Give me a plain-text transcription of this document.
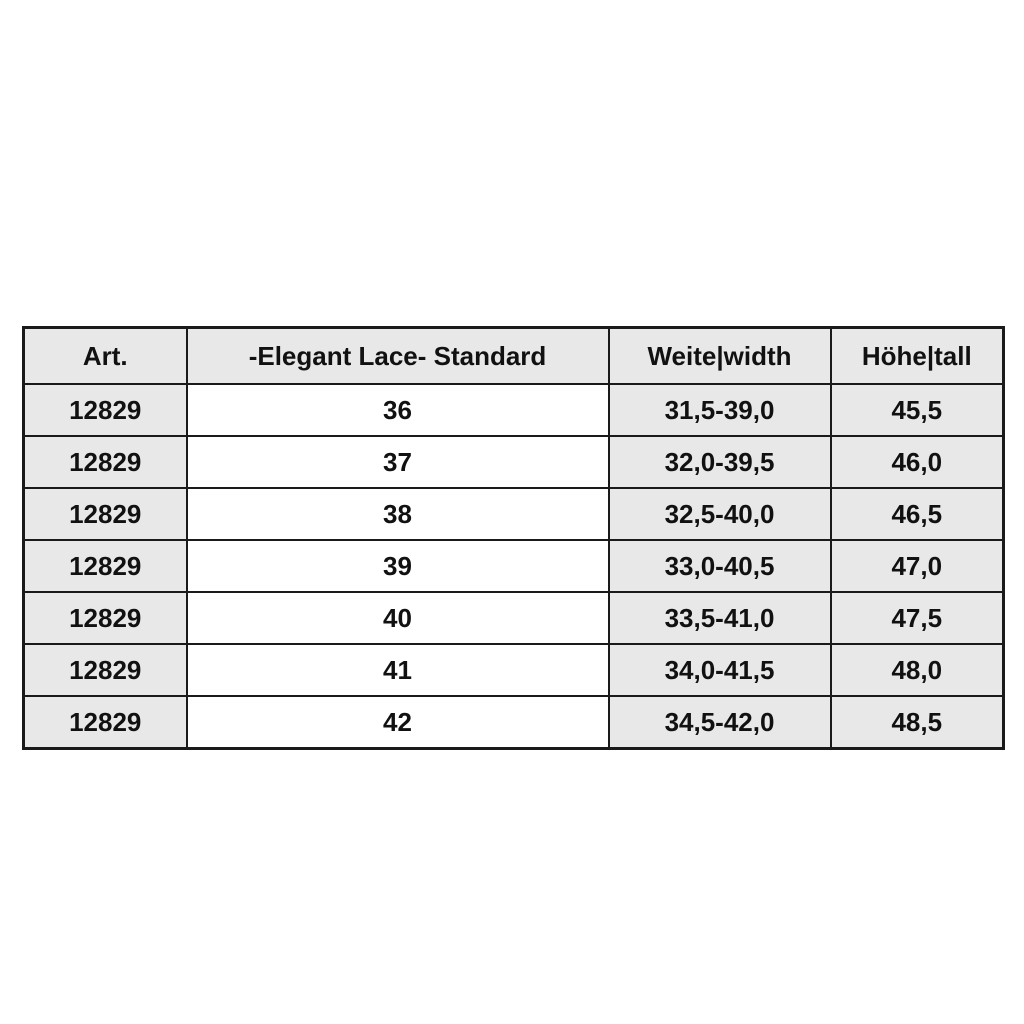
Art.	-Elegant Lace- Standard	Weite|width	Höhe|tall
12829	36	31,5-39,0	45,5
12829	37	32,0-39,5	46,0
12829	38	32,5-40,0	46,5
12829	39	33,0-40,5	47,0
12829	40	33,5-41,0	47,5
12829	41	34,0-41,5	48,0
12829	42	34,5-42,0	48,5
